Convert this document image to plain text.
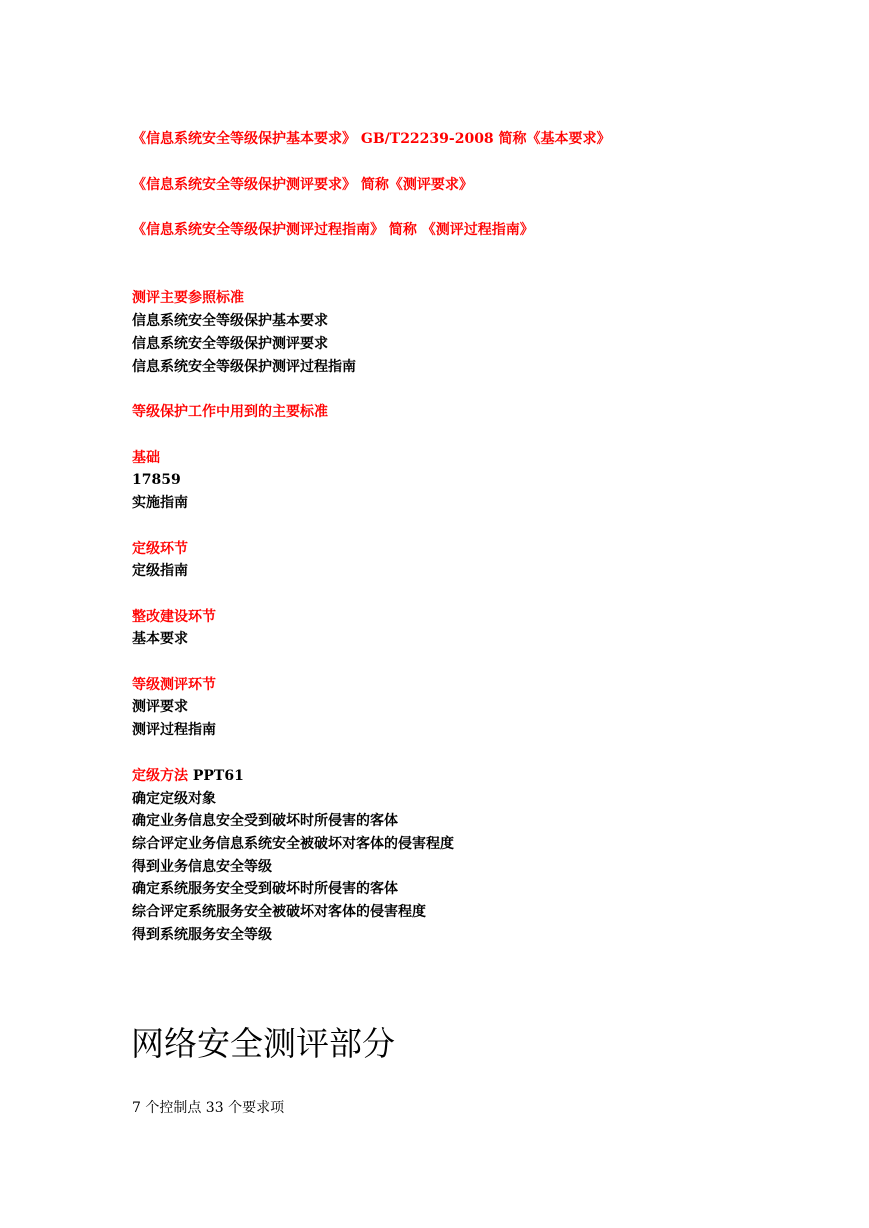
《信息系统安全等级保护基本要求》 GB/T22239-2008 简称《基本要求》
《信息系统安全等级保护测评要求》 简称《测评要求》
《信息系统安全等级保护测评过程指南》 简称 《测评过程指南》
测评主要参照标准
信息系统安全等级保护基本要求
信息系统安全等级保护测评要求
信息系统安全等级保护测评过程指南
等级保护工作中用到的主要标准
基础
17859
实施指南
定级环节
定级指南
整改建设环节
基本要求
等级测评环节
测评要求
测评过程指南
定级方法 PPT61
确定定级对象
确定业务信息安全受到破坏时所侵害的客体
综合评定业务信息系统安全被破坏对客体的侵害程度
得到业务信息安全等级
确定系统服务安全受到破坏时所侵害的客体
综合评定系统服务安全被破坏对客体的侵害程度
得到系统服务安全等级
网络安全测评部分
7 个控制点 33 个要求项
